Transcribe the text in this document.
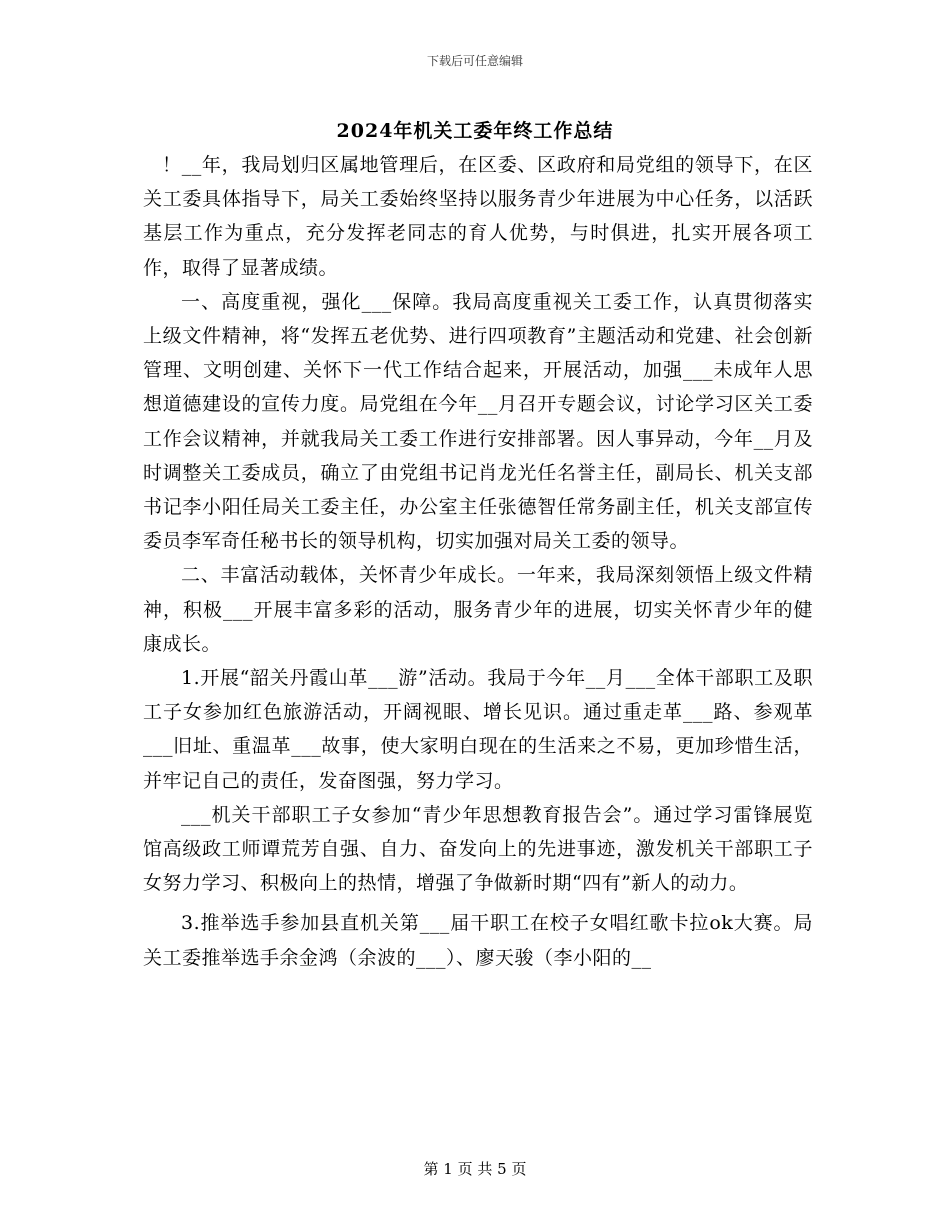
下载后可任意编辑
2024年机关工委年终工作总结

！__年，我局划归区属地管理后，在区委、区政府和局党组的领导下，在区关工委具体指导下，局关工委始终坚持以服务青少年进展为中心任务，以活跃基层工作为重点，充分发挥老同志的育人优势，与时俱进，扎实开展各项工作，取得了显著成绩。

一、高度重视，强化___保障。我局高度重视关工委工作，认真贯彻落实上级文件精神，将“发挥五老优势、进行四项教育”主题活动和党建、社会创新管理、文明创建、关怀下一代工作结合起来，开展活动，加强___未成年人思想道德建设的宣传力度。局党组在今年__月召开专题会议，讨论学习区关工委工作会议精神，并就我局关工委工作进行安排部署。因人事异动，今年__月及时调整关工委成员，确立了由党组书记肖龙光任名誉主任，副局长、机关支部书记李小阳任局关工委主任，办公室主任张德智任常务副主任，机关支部宣传委员李军奇任秘书长的领导机构，切实加强对局关工委的领导。

二、丰富活动载体，关怀青少年成长。一年来，我局深刻领悟上级文件精神，积极___开展丰富多彩的活动，服务青少年的进展，切实关怀青少年的健康成长。

1.开展“韶关丹霞山革___游”活动。我局于今年__月___全体干部职工及职工子女参加红色旅游活动，开阔视眼、增长见识。通过重走革___路、参观革___旧址、重温革___故事，使大家明白现在的生活来之不易，更加珍惜生活，并牢记自己的责任，发奋图强，努力学习。

___机关干部职工子女参加“青少年思想教育报告会”。通过学习雷锋展览馆高级政工师谭荒芳自强、自力、奋发向上的先进事迹，激发机关干部职工子女努力学习、积极向上的热情，增强了争做新时期“四有”新人的动力。

3.推举选手参加县直机关第___届干职工在校子女唱红歌卡拉ok大赛。局关工委推举选手余金鸿（余波的___）、廖天骏（李小阳的__

第 1 页 共 5 页
